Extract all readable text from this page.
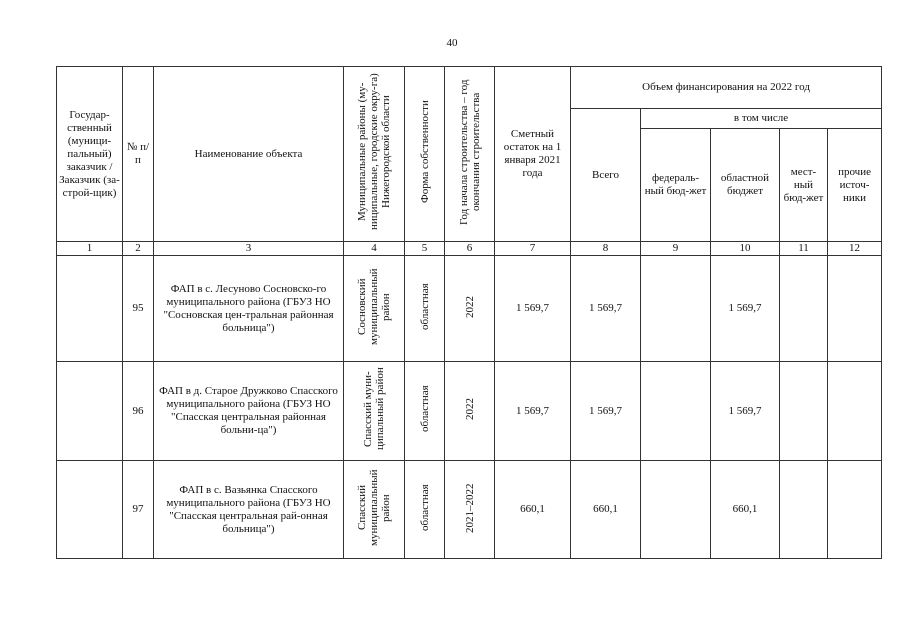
40
Государ-ственный (муници-пальный) заказчик / Заказчик (за-строй-щик)	№ п/п	Наименование объекта	Муниципальные районы (му-ниципальные, городские окру-га) Нижегородской области	Форма собственности	Год начала строительства – год окончания строительства	Сметный остаток на 1 января 2021 года	Объем финансирования на 2022 год				
							Всего	в том числе			
								федераль-ный бюд-жет	областной бюджет	мест-ный бюд-жет	прочие источ-ники
1	2	3	4	5	6	7	8	9	10	11	12
	95	ФАП в с. Лесуново Сосновско-го муниципального района (ГБУЗ НО "Сосновская цен-тральная районная больница")	Сосновский муниципальный район	областная	2022	1 569,7	1 569,7		1 569,7		
	96	ФАП в д. Старое Дружково Спасского муниципального района (ГБУЗ НО "Спасская центральная районная больни-ца")	Спасский муни-ципальный район	областная	2022	1 569,7	1 569,7		1 569,7		
	97	ФАП в с. Вазьянка Спасского муниципального района (ГБУЗ НО "Спасская центральная рай-онная больница")	Спасский муниципальный район	областная	2021–2022	660,1	660,1		660,1		
